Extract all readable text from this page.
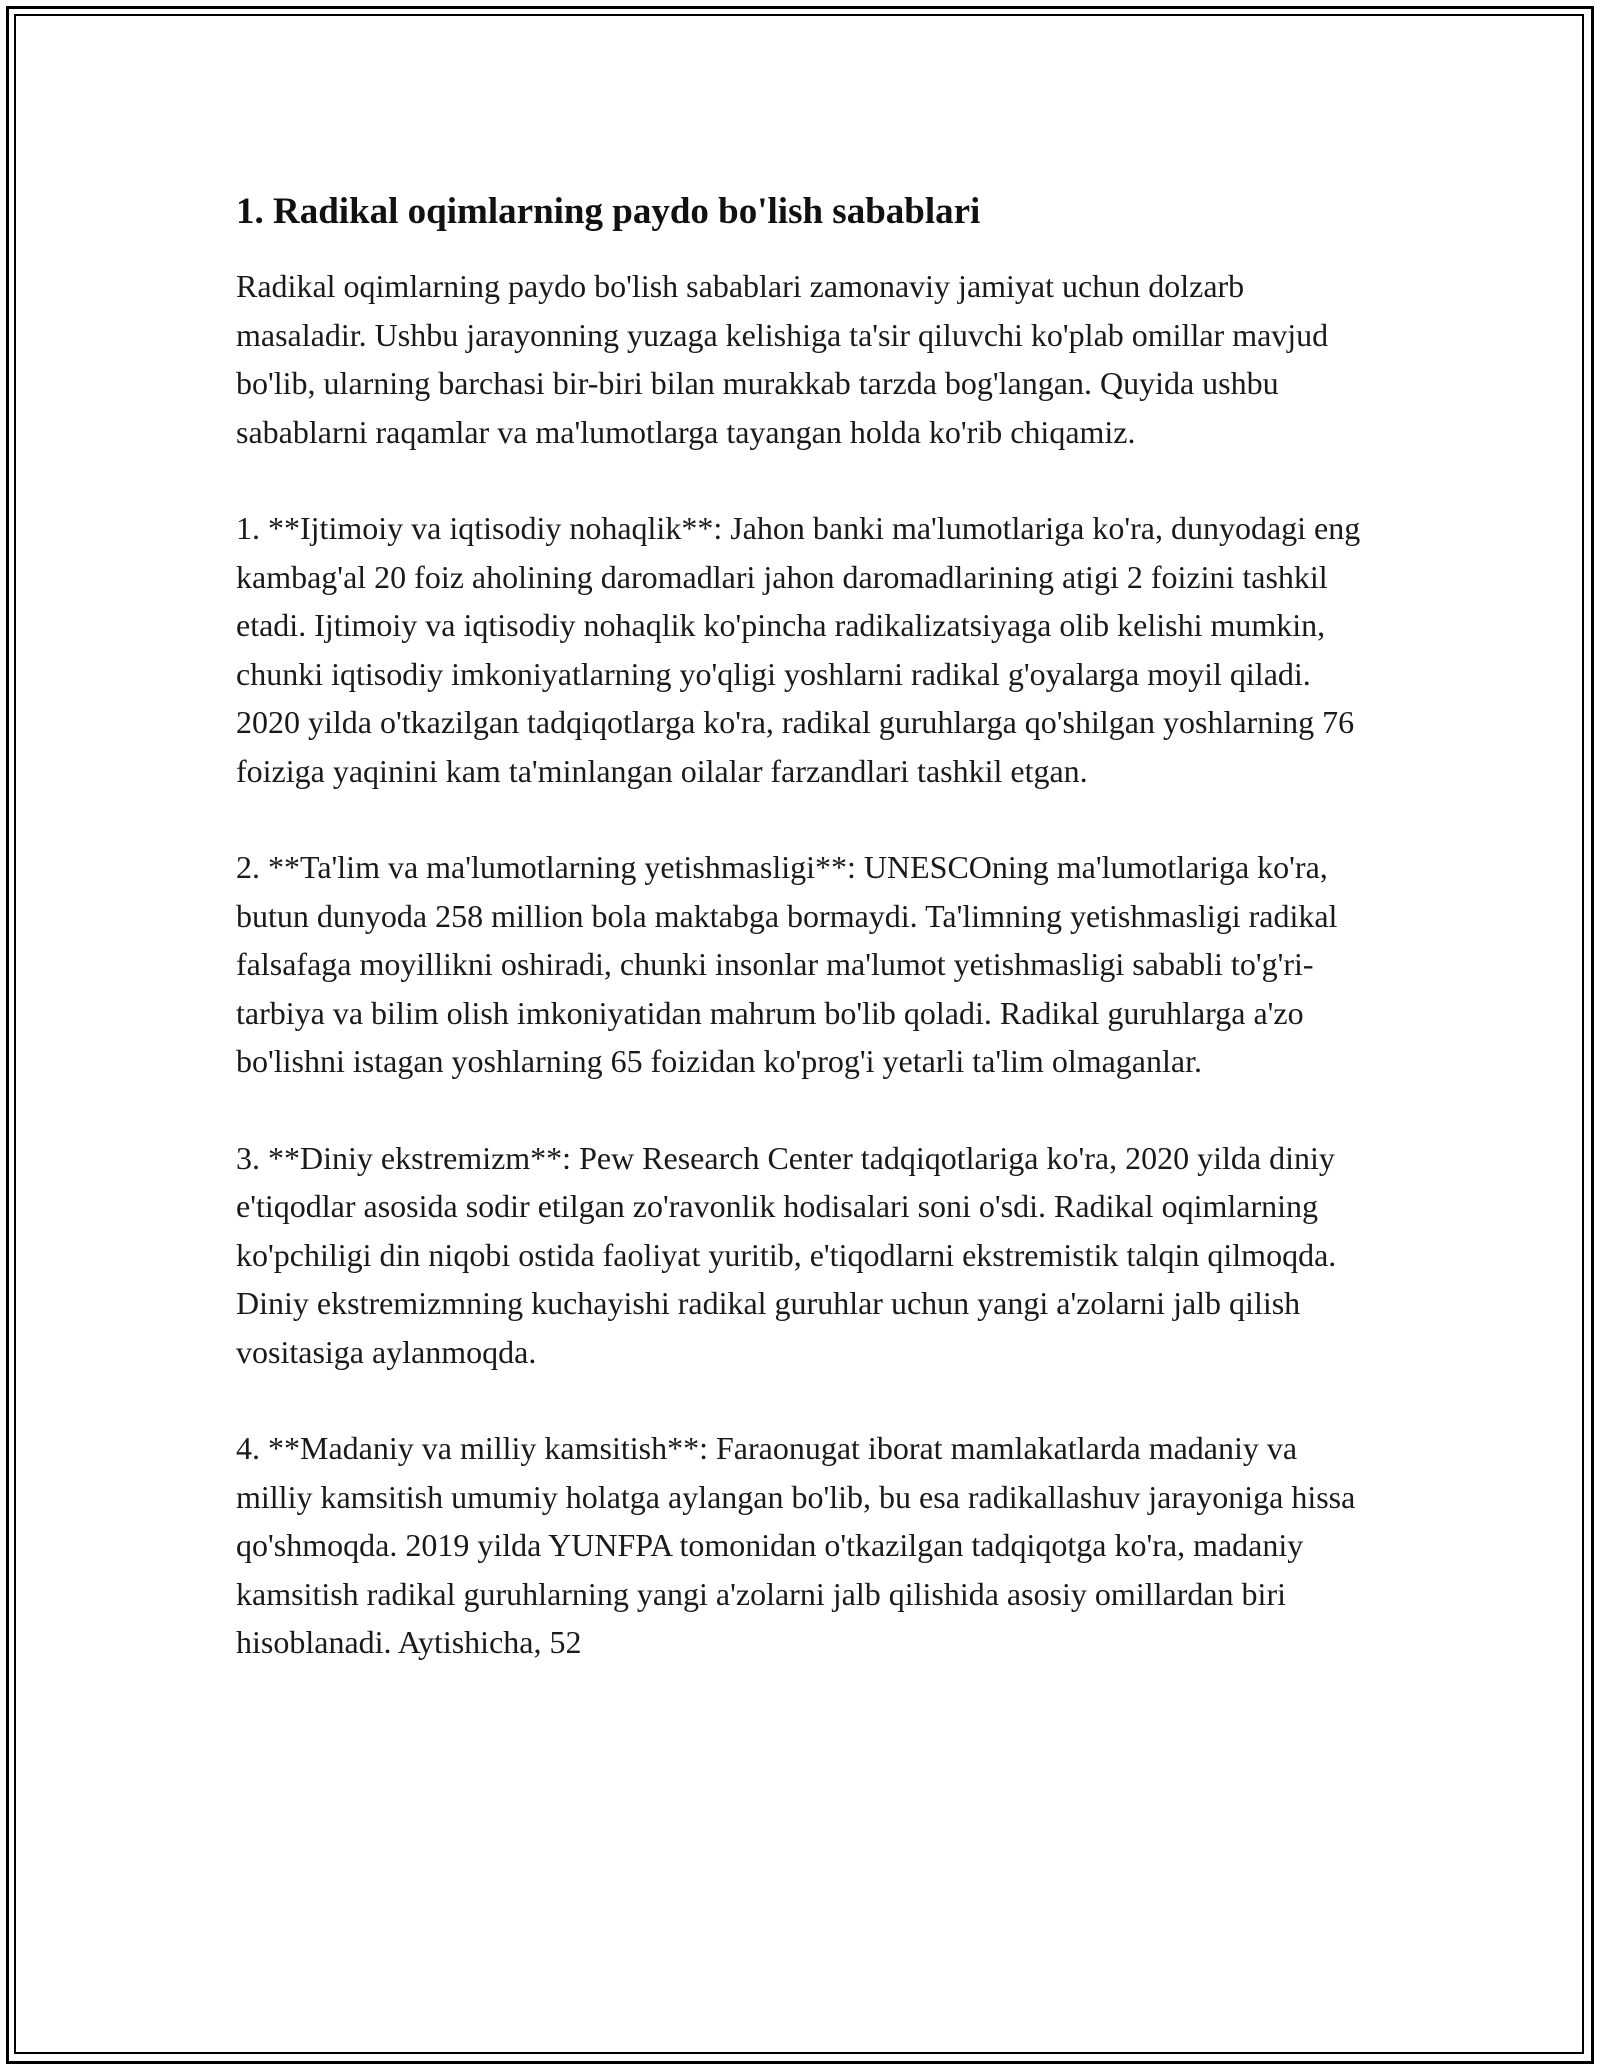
1. Radikal oqimlarning paydo bo'lish sabablari

Radikal oqimlarning paydo bo'lish sabablari zamonaviy jamiyat uchun dolzarb masaladir. Ushbu jarayonning yuzaga kelishiga ta'sir qiluvchi ko'plab omillar mavjud bo'lib, ularning barchasi bir-biri bilan murakkab tarzda bog'langan. Quyida ushbu sabablarni raqamlar va ma'lumotlarga tayangan holda ko'rib chiqamiz.

1. **Ijtimoiy va iqtisodiy nohaqlik**: Jahon banki ma'lumotlariga ko'ra, dunyodagi eng kambag'al 20 foiz aholining daromadlari jahon daromadlarining atigi 2 foizini tashkil etadi. Ijtimoiy va iqtisodiy nohaqlik ko'pincha radikalizatsiyaga olib kelishi mumkin, chunki iqtisodiy imkoniyatlarning yo'qligi yoshlarni radikal g'oyalarga moyil qiladi. 2020 yilda o'tkazilgan tadqiqotlarga ko'ra, radikal guruhlarga qo'shilgan yoshlarning 76 foiziga yaqinini kam ta'minlangan oilalar farzandlari tashkil etgan.

2. **Ta'lim va ma'lumotlarning yetishmasligi**: UNESCOning ma'lumotlariga ko'ra, butun dunyoda 258 million bola maktabga bormaydi. Ta'limning yetishmasligi radikal falsafaga moyillikni oshiradi, chunki insonlar ma'lumot yetishmasligi sababli to'g'ri-tarbiya va bilim olish imkoniyatidan mahrum bo'lib qoladi. Radikal guruhlarga a'zo bo'lishni istagan yoshlarning 65 foizidan ko'prog'i yetarli ta'lim olmaganlar.

3. **Diniy ekstremizm**: Pew Research Center tadqiqotlariga ko'ra, 2020 yilda diniy e'tiqodlar asosida sodir etilgan zo'ravonlik hodisalari soni o'sdi. Radikal oqimlarning ko'pchiligi din niqobi ostida faoliyat yuritib, e'tiqodlarni ekstremistik talqin qilmoqda. Diniy ekstremizmning kuchayishi radikal guruhlar uchun yangi a'zolarni jalb qilish vositasiga aylanmoqda.

4. **Madaniy va milliy kamsitish**: Faraonugat iborat mamlakatlarda madaniy va milliy kamsitish umumiy holatga aylangan bo'lib, bu esa radikallashuv jarayoniga hissa qo'shmoqda. 2019 yilda YUNFPA tomonidan o'tkazilgan tadqiqotga ko'ra, madaniy kamsitish radikal guruhlarning yangi a'zolarni jalb qilishida asosiy omillardan biri hisoblanadi. Aytishicha, 52
